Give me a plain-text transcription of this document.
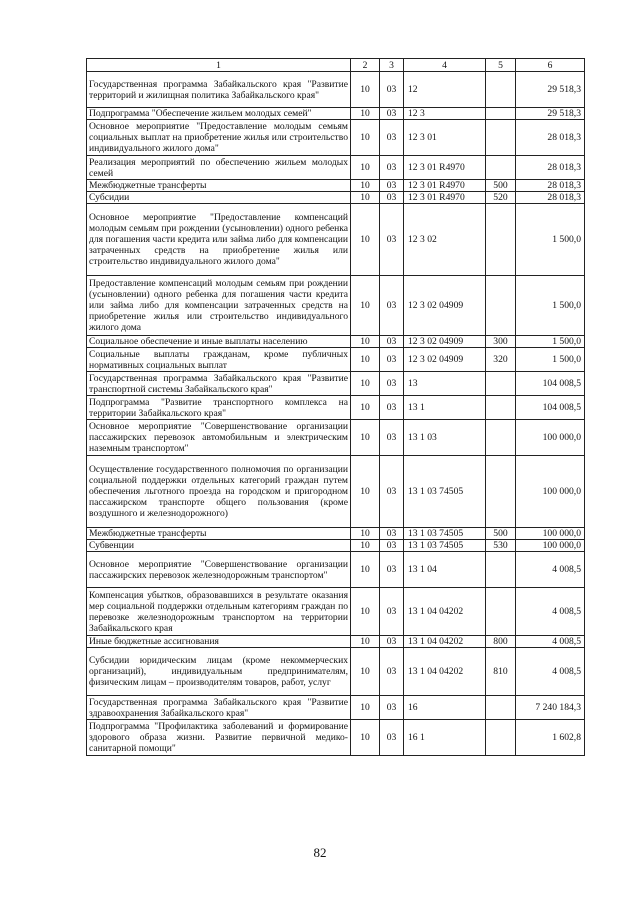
1	2	3	4	5	6
Государственная программа Забайкальского края "Развитие территорий и жилищная политика Забайкальского края"	10	03	12		29 518,3
Подпрограмма "Обеспечение жильем молодых семей"	10	03	12 3		29 518,3
Основное мероприятие "Предоставление молодым семьям социальных выплат на приобретение жилья или строительство индивидуального жилого дома"	10	03	12 3 01		28 018,3
Реализация мероприятий по обеспечению жильем молодых семей	10	03	12 3 01 R4970		28 018,3
Межбюджетные трансферты	10	03	12 3 01 R4970	500	28 018,3
Субсидии	10	03	12 3 01 R4970	520	28 018,3
Основное мероприятие "Предоставление компенсаций молодым семьям при рождении (усыновлении) одного ребенка для погашения части кредита или займа либо для компенсации затраченных средств на приобретение жилья или строительство индивидуального жилого дома"	10	03	12 3 02		1 500,0
Предоставление компенсаций молодым семьям при рождении (усыновлении) одного ребенка для погашения части кредита или займа либо для компенсации затраченных средств на приобретение жилья или строительство индивидуального жилого дома	10	03	12 3 02 04909		1 500,0
Социальное обеспечение и иные выплаты населению	10	03	12 3 02 04909	300	1 500,0
Социальные выплаты гражданам, кроме публичных нормативных социальных выплат	10	03	12 3 02 04909	320	1 500,0
Государственная программа Забайкальского края "Развитие транспортной системы Забайкальского края"	10	03	13		104 008,5
Подпрограмма "Развитие транспортного комплекса на территории Забайкальского края"	10	03	13 1		104 008,5
Основное мероприятие "Совершенствование организации пассажирских перевозок автомобильным и электрическим наземным транспортом"	10	03	13 1 03		100 000,0
Осуществление государственного полномочия по организации социальной поддержки отдельных категорий граждан путем обеспечения льготного проезда на городском и пригородном пассажирском транспорте общего пользования (кроме воздушного и железнодорожного)	10	03	13 1 03 74505		100 000,0
Межбюджетные трансферты	10	03	13 1 03 74505	500	100 000,0
Субвенции	10	03	13 1 03 74505	530	100 000,0
Основное мероприятие "Совершенствование организации пассажирских перевозок железнодорожным транспортом"	10	03	13 1 04		4 008,5
Компенсация убытков, образовавшихся в результате оказания мер социальной поддержки отдельным категориям граждан по перевозке железнодорожным транспортом на территории Забайкальского края	10	03	13 1 04 04202		4 008,5
Иные бюджетные ассигнования	10	03	13 1 04 04202	800	4 008,5
Субсидии юридическим лицам (кроме некоммерческих организаций), индивидуальным предпринимателям, физическим лицам – производителям товаров, работ, услуг	10	03	13 1 04 04202	810	4 008,5
Государственная программа Забайкальского края "Развитие здравоохранения Забайкальского края"	10	03	16		7 240 184,3
Подпрограмма "Профилактика заболеваний и формирование здорового образа жизни. Развитие первичной медико-санитарной помощи"	10	03	16 1		1 602,8
82
